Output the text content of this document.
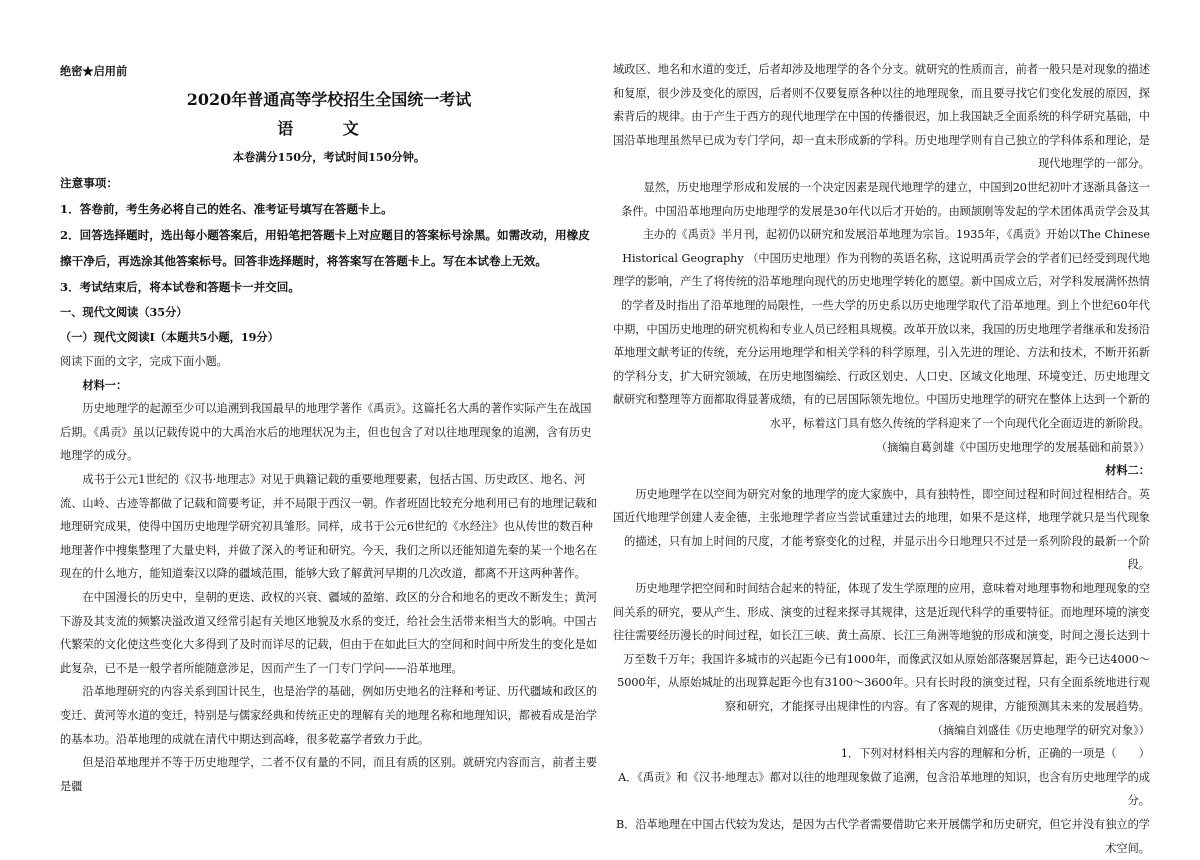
绝密★启用前

2020年普通高等学校招生全国统一考试

语 文

本卷满分150分，考试时间150分钟。

注意事项：

1．答卷前，考生务必将自己的姓名、准考证号填写在答题卡上。

2．回答选择题时，选出每小题答案后，用铅笔把答题卡上对应题目的答案标号涂黑。如需改动，用橡皮擦干净后，再选涂其他答案标号。回答非选择题时，将答案写在答题卡上。写在本试卷上无效。

3．考试结束后，将本试卷和答题卡一并交回。

一、现代文阅读（35分）

（一）现代文阅读Ⅰ（本题共5小题，19分）

阅读下面的文字，完成下面小题。

材料一：

历史地理学的起源至少可以追溯到我国最早的地理学著作《禹贡》。这篇托名大禹的著作实际产生在战国后期。《禹贡》虽以记载传说中的大禹治水后的地理状况为主，但也包含了对以往地理现象的追溯，含有历史地理学的成分。

成书于公元1世纪的《汉书·地理志》对见于典籍记载的重要地理要素，包括古国、历史政区、地名、河流、山岭、古迹等都做了记载和简要考证，并不局限于西汉一朝。作者班固比较充分地利用已有的地理记载和地理研究成果，使得中国历史地理学研究初具雏形。同样，成书于公元6世纪的《水经注》也从传世的数百种地理著作中搜集整理了大量史料，并做了深入的考证和研究。今天，我们之所以还能知道先秦的某一个地名在现在的什么地方，能知道秦汉以降的疆域范围，能够大致了解黄河早期的几次改道，都离不开这两种著作。

在中国漫长的历史中，皇朝的更迭、政权的兴衰、疆域的盈缩、政区的分合和地名的更改不断发生；黄河下游及其支流的频繁决溢改道又经常引起有关地区地貌及水系的变迁，给社会生活带来相当大的影响。中国古代繁荣的文化使这些变化大多得到了及时而详尽的记载，但由于在如此巨大的空间和时间中所发生的变化是如此复杂，已不是一般学者所能随意涉足，因而产生了一门专门学问——沿革地理。

沿革地理研究的内容关系到国计民生，也是治学的基础，例如历史地名的注释和考证、历代疆域和政区的变迁、黄河等水道的变迁，特别是与儒家经典和传统正史的理解有关的地理名称和地理知识，都被看成是治学的基本功。沿革地理的成就在清代中期达到高峰，很多乾嘉学者致力于此。

但是沿革地理并不等于历史地理学，二者不仅有量的不同，而且有质的区别。就研究内容而言，前者主要是疆

域政区、地名和水道的变迁，后者却涉及地理学的各个分支。就研究的性质而言，前者一般只是对现象的描述和复原，很少涉及变化的原因，后者则不仅要复原各种以往的地理现象，而且要寻找它们变化发展的原因，探索背后的规律。由于产生于西方的现代地理学在中国的传播很迟，加上我国缺乏全面系统的科学研究基础，中国沿革地理虽然早已成为专门学问，却一直未形成新的学科。历史地理学则有自己独立的学科体系和理论，是现代地理学的一部分。

显然，历史地理学形成和发展的一个决定因素是现代地理学的建立，中国到20世纪初叶才逐渐具备这一条件。中国沿革地理向历史地理学的发展是30年代以后才开始的。由顾颉刚等发起的学术团体禹贡学会及其主办的《禹贡》半月刊，起初仍以研究和发展沿革地理为宗旨。1935年，《禹贡》开始以The Chinese Historical Geography （中国历史地理）作为刊物的英语名称，这说明禹贡学会的学者们已经受到现代地理学的影响，产生了将传统的沿革地理向现代的历史地理学转化的愿望。新中国成立后，对学科发展满怀热情的学者及时指出了沿革地理的局限性，一些大学的历史系以历史地理学取代了沿革地理。到上个世纪60年代中期，中国历史地理的研究机构和专业人员已经粗具规模。改革开放以来，我国的历史地理学者继承和发扬沿革地理文献考证的传统，充分运用地理学和相关学科的科学原理，引入先进的理论、方法和技术，不断开拓新的学科分支，扩大研究领域，在历史地图编绘、行政区划史、人口史、区域文化地理、环境变迁、历史地理文献研究和整理等方面都取得显著成绩，有的已居国际领先地位。中国历史地理学的研究在整体上达到一个新的水平，标着这门具有悠久传统的学科迎来了一个向现代化全面迈进的新阶段。

（摘编自葛剑雄《中国历史地理学的发展基础和前景》）

材料二：

历史地理学在以空间为研究对象的地理学的庞大家族中，具有独特性，即空间过程和时间过程相结合。英国近代地理学创建人麦金德，主张地理学者应当尝试重建过去的地理，如果不是这样，地理学就只是当代现象的描述，只有加上时间的尺度，才能考察变化的过程，并显示出今日地理只不过是一系列阶段的最新一个阶段。

历史地理学把空间和时间结合起来的特征，体现了发生学原理的应用，意味着对地理事物和地理现象的空间关系的研究，要从产生、形成、演变的过程来探寻其规律，这是近现代科学的重要特征。而地理环境的演变往往需要经历漫长的时间过程，如长江三峡、黄土高原、长江三角洲等地貌的形成和演变，时间之漫长达到十万至数千万年；我国许多城市的兴起距今已有1000年，而像武汉如从原始部落聚居算起，距今已达4000～5000年，从原始城址的出现算起距今也有3100～3600年。只有长时段的演变过程，只有全面系统地进行观察和研究，才能探寻出规律性的内容。有了客观的规律，方能预测其未来的发展趋势。

（摘编自刘盛佳《历史地理学的研究对象》）

1．下列对材料相关内容的理解和分析，正确的一项是（　　）

A．《禹贡》和《汉书·地理志》都对以往的地理现象做了追溯，包含沿革地理的知识，也含有历史地理学的成分。

B．沿革地理在中国古代较为发达，是因为古代学者需要借助它来开展儒学和历史研究，但它并没有独立的学术空间。
